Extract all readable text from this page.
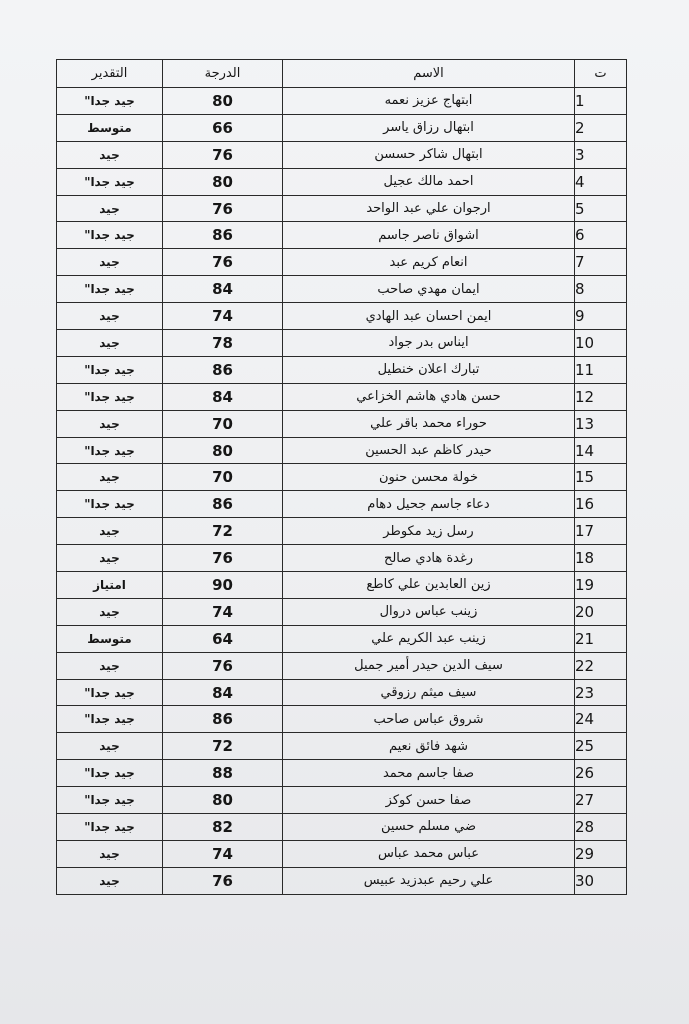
ت	الاسم	الدرجة	التقدير
1	ابتهاج عزيز نعمه	80	جيد جدا"
2	ابتهال رزاق ياسر	66	متوسط
3	ابتهال شاكر حسسن	76	جيد
4	احمد مالك عجيل	80	جيد جدا"
5	ارجوان علي عبد الواحد	76	جيد
6	اشواق ناصر جاسم	86	جيد جدا"
7	انعام كريم عبد	76	جيد
8	ايمان مهدي صاحب	84	جيد جدا"
9	ايمن احسان عبد الهادي	74	جيد
10	ايناس بدر جواد	78	جيد
11	تبارك اعلان خنطيل	86	جيد جدا"
12	حسن هادي هاشم الخزاعي	84	جيد جدا"
13	حوراء محمد باقر علي	70	جيد
14	حيدر كاظم عبد الحسين	80	جيد جدا"
15	خولة محسن حنون	70	جيد
16	دعاء جاسم جحيل دهام	86	جيد جدا"
17	رسل زيد مكوطر	72	جيد
18	رغدة هادي صالح	76	جيد
19	زين العابدين علي كاطع	90	امتياز
20	زينب عباس دروال	74	جيد
21	زينب عبد الكريم علي	64	متوسط
22	سيف الدين حيدر أمير جميل	76	جيد
23	سيف ميثم رزوقي	84	جيد جدا"
24	شروق عباس صاحب	86	جيد جدا"
25	شهد فائق نعيم	72	جيد
26	صفا جاسم محمد	88	جيد جدا"
27	صفا حسن كوكز	80	جيد جدا"
28	ضي مسلم حسين	82	جيد جدا"
29	عباس محمد عباس	74	جيد
30	علي رحيم عبدزيد عبيس	76	جيد
